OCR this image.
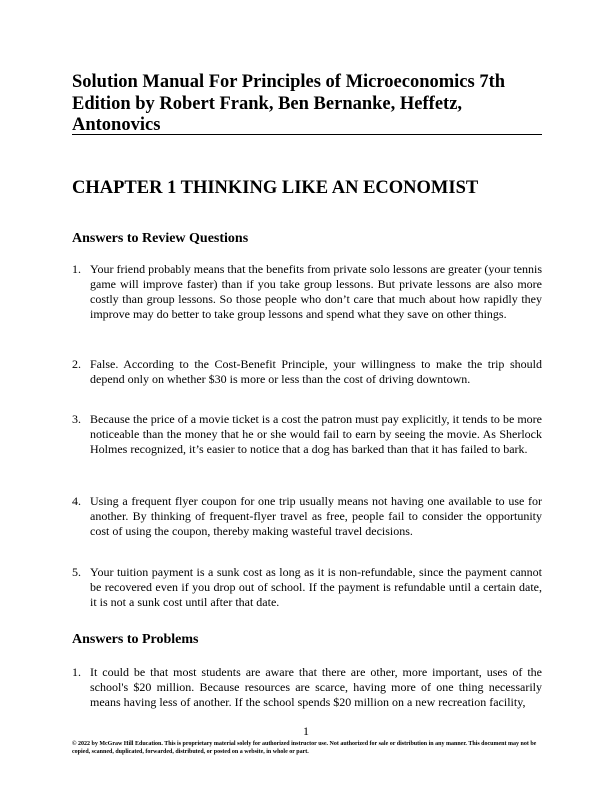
Solution Manual For Principles of Microeconomics 7th Edition by Robert Frank, Ben Bernanke, Heffetz, Antonovics
CHAPTER 1 THINKING LIKE AN ECONOMIST
Answers to Review Questions
1. Your friend probably means that the benefits from private solo lessons are greater (your tennis game will improve faster) than if you take group lessons. But private lessons are also more costly than group lessons. So those people who don’t care that much about how rapidly they improve may do better to take group lessons and spend what they save on other things.
2. False. According to the Cost-Benefit Principle, your willingness to make the trip should depend only on whether $30 is more or less than the cost of driving downtown.
3. Because the price of a movie ticket is a cost the patron must pay explicitly, it tends to be more noticeable than the money that he or she would fail to earn by seeing the movie. As Sherlock Holmes recognized, it’s easier to notice that a dog has barked than that it has failed to bark.
4. Using a frequent flyer coupon for one trip usually means not having one available to use for another. By thinking of frequent-flyer travel as free, people fail to consider the opportunity cost of using the coupon, thereby making wasteful travel decisions.
5. Your tuition payment is a sunk cost as long as it is non-refundable, since the payment cannot be recovered even if you drop out of school. If the payment is refundable until a certain date, it is not a sunk cost until after that date.
Answers to Problems
1. It could be that most students are aware that there are other, more important, uses of the school's $20 million. Because resources are scarce, having more of one thing necessarily means having less of another. If the school spends $20 million on a new recreation facility,
1
© 2022 by McGraw Hill Education. This is proprietary material solely for authorized instructor use. Not authorized for sale or distribution in any manner. This document may not be copied, scanned, duplicated, forwarded, distributed, or posted on a website, in whole or part.
